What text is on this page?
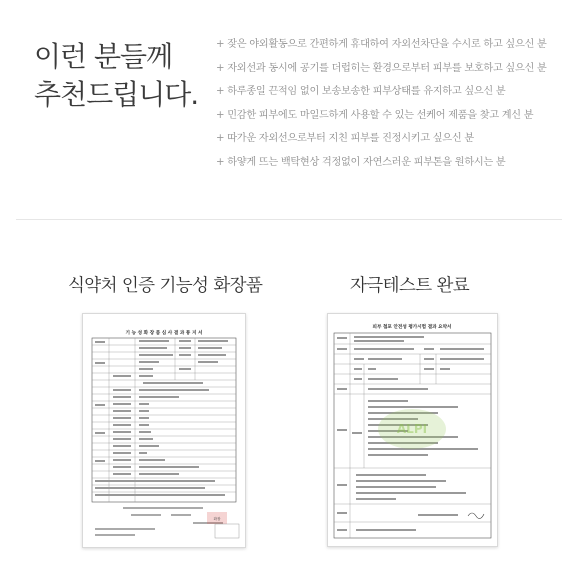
이런 분들께
추천드립니다.
+ 잦은 야외활동으로 간편하게 휴대하여 자외선차단을 수시로 하고 싶으신 분
+ 자외선과 동시에 공기를 더럽히는 환경으로부터 피부를 보호하고 싶으신 분
+ 하루종일 끈적임 없이 보송보송한 피부상태를 유지하고 싶으신 분
+ 민감한 피부에도 마일드하게 사용할 수 있는 선케어 제품을 찾고 계신 분
+ 따가운 자외선으로부터 지친 피부를 진정시키고 싶으신 분
+ 하얗게 뜨는 백탁현상 걱정없이 자연스러운 피부톤을 원하시는 분
식약처 인증 기능성 화장품	자극테스트 완료
기 능 성 화 장 품 심 사 결 과 통 지 서
화장
피부 첩포 안전성 평가시험 결과 요약서
ALPI
